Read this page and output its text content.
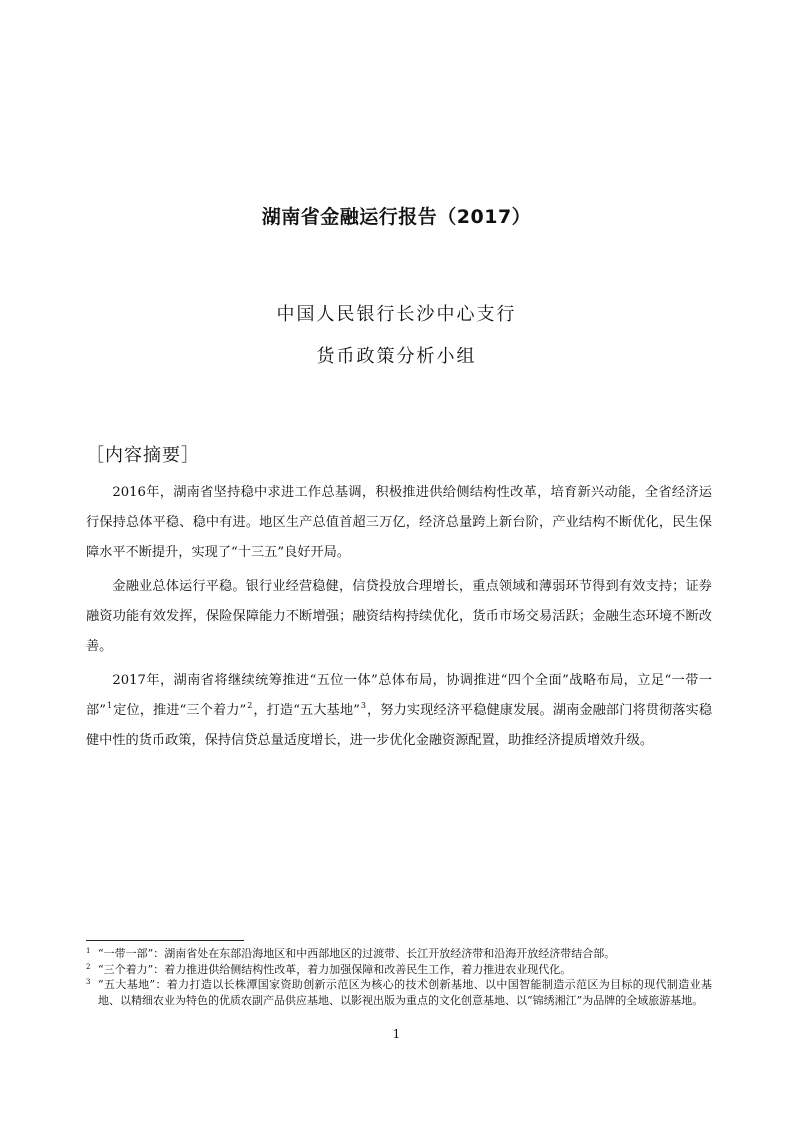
湖南省金融运行报告（2017）
中国人民银行长沙中心支行
货币政策分析小组
［内容摘要］

2016年，湖南省坚持稳中求进工作总基调，积极推进供给侧结构性改革，培育新兴动能，全省经济运行保持总体平稳、稳中有进。地区生产总值首超三万亿，经济总量跨上新台阶，产业结构不断优化，民生保障水平不断提升，实现了“十三五”良好开局。

金融业总体运行平稳。银行业经营稳健，信贷投放合理增长，重点领域和薄弱环节得到有效支持；证券融资功能有效发挥，保险保障能力不断增强；融资结构持续优化，货币市场交易活跃；金融生态环境不断改善。

2017年，湖南省将继续统筹推进“五位一体”总体布局，协调推进“四个全面”战略布局，立足“一带一部”$^1$定位，推进“三个着力”$^2$，打造“五大基地”$^3$，努力实现经济平稳健康发展。湖南金融部门将贯彻落实稳健中性的货币政策，保持信贷总量适度增长，进一步优化金融资源配置，助推经济提质增效升级。

1 “一带一部”：湖南省处在东部沿海地区和中西部地区的过渡带、长江开放经济带和沿海开放经济带结合部。
2 “三个着力”：着力推进供给侧结构性改革，着力加强保障和改善民生工作，着力推进农业现代化。
3 “五大基地”：着力打造以长株潭国家资助创新示范区为核心的技术创新基地、以中国智能制造示范区为目标的现代制造业基地、以精细农业为特色的优质农副产品供应基地、以影视出版为重点的文化创意基地、以“锦绣湘江”为品牌的全域旅游基地。
1
